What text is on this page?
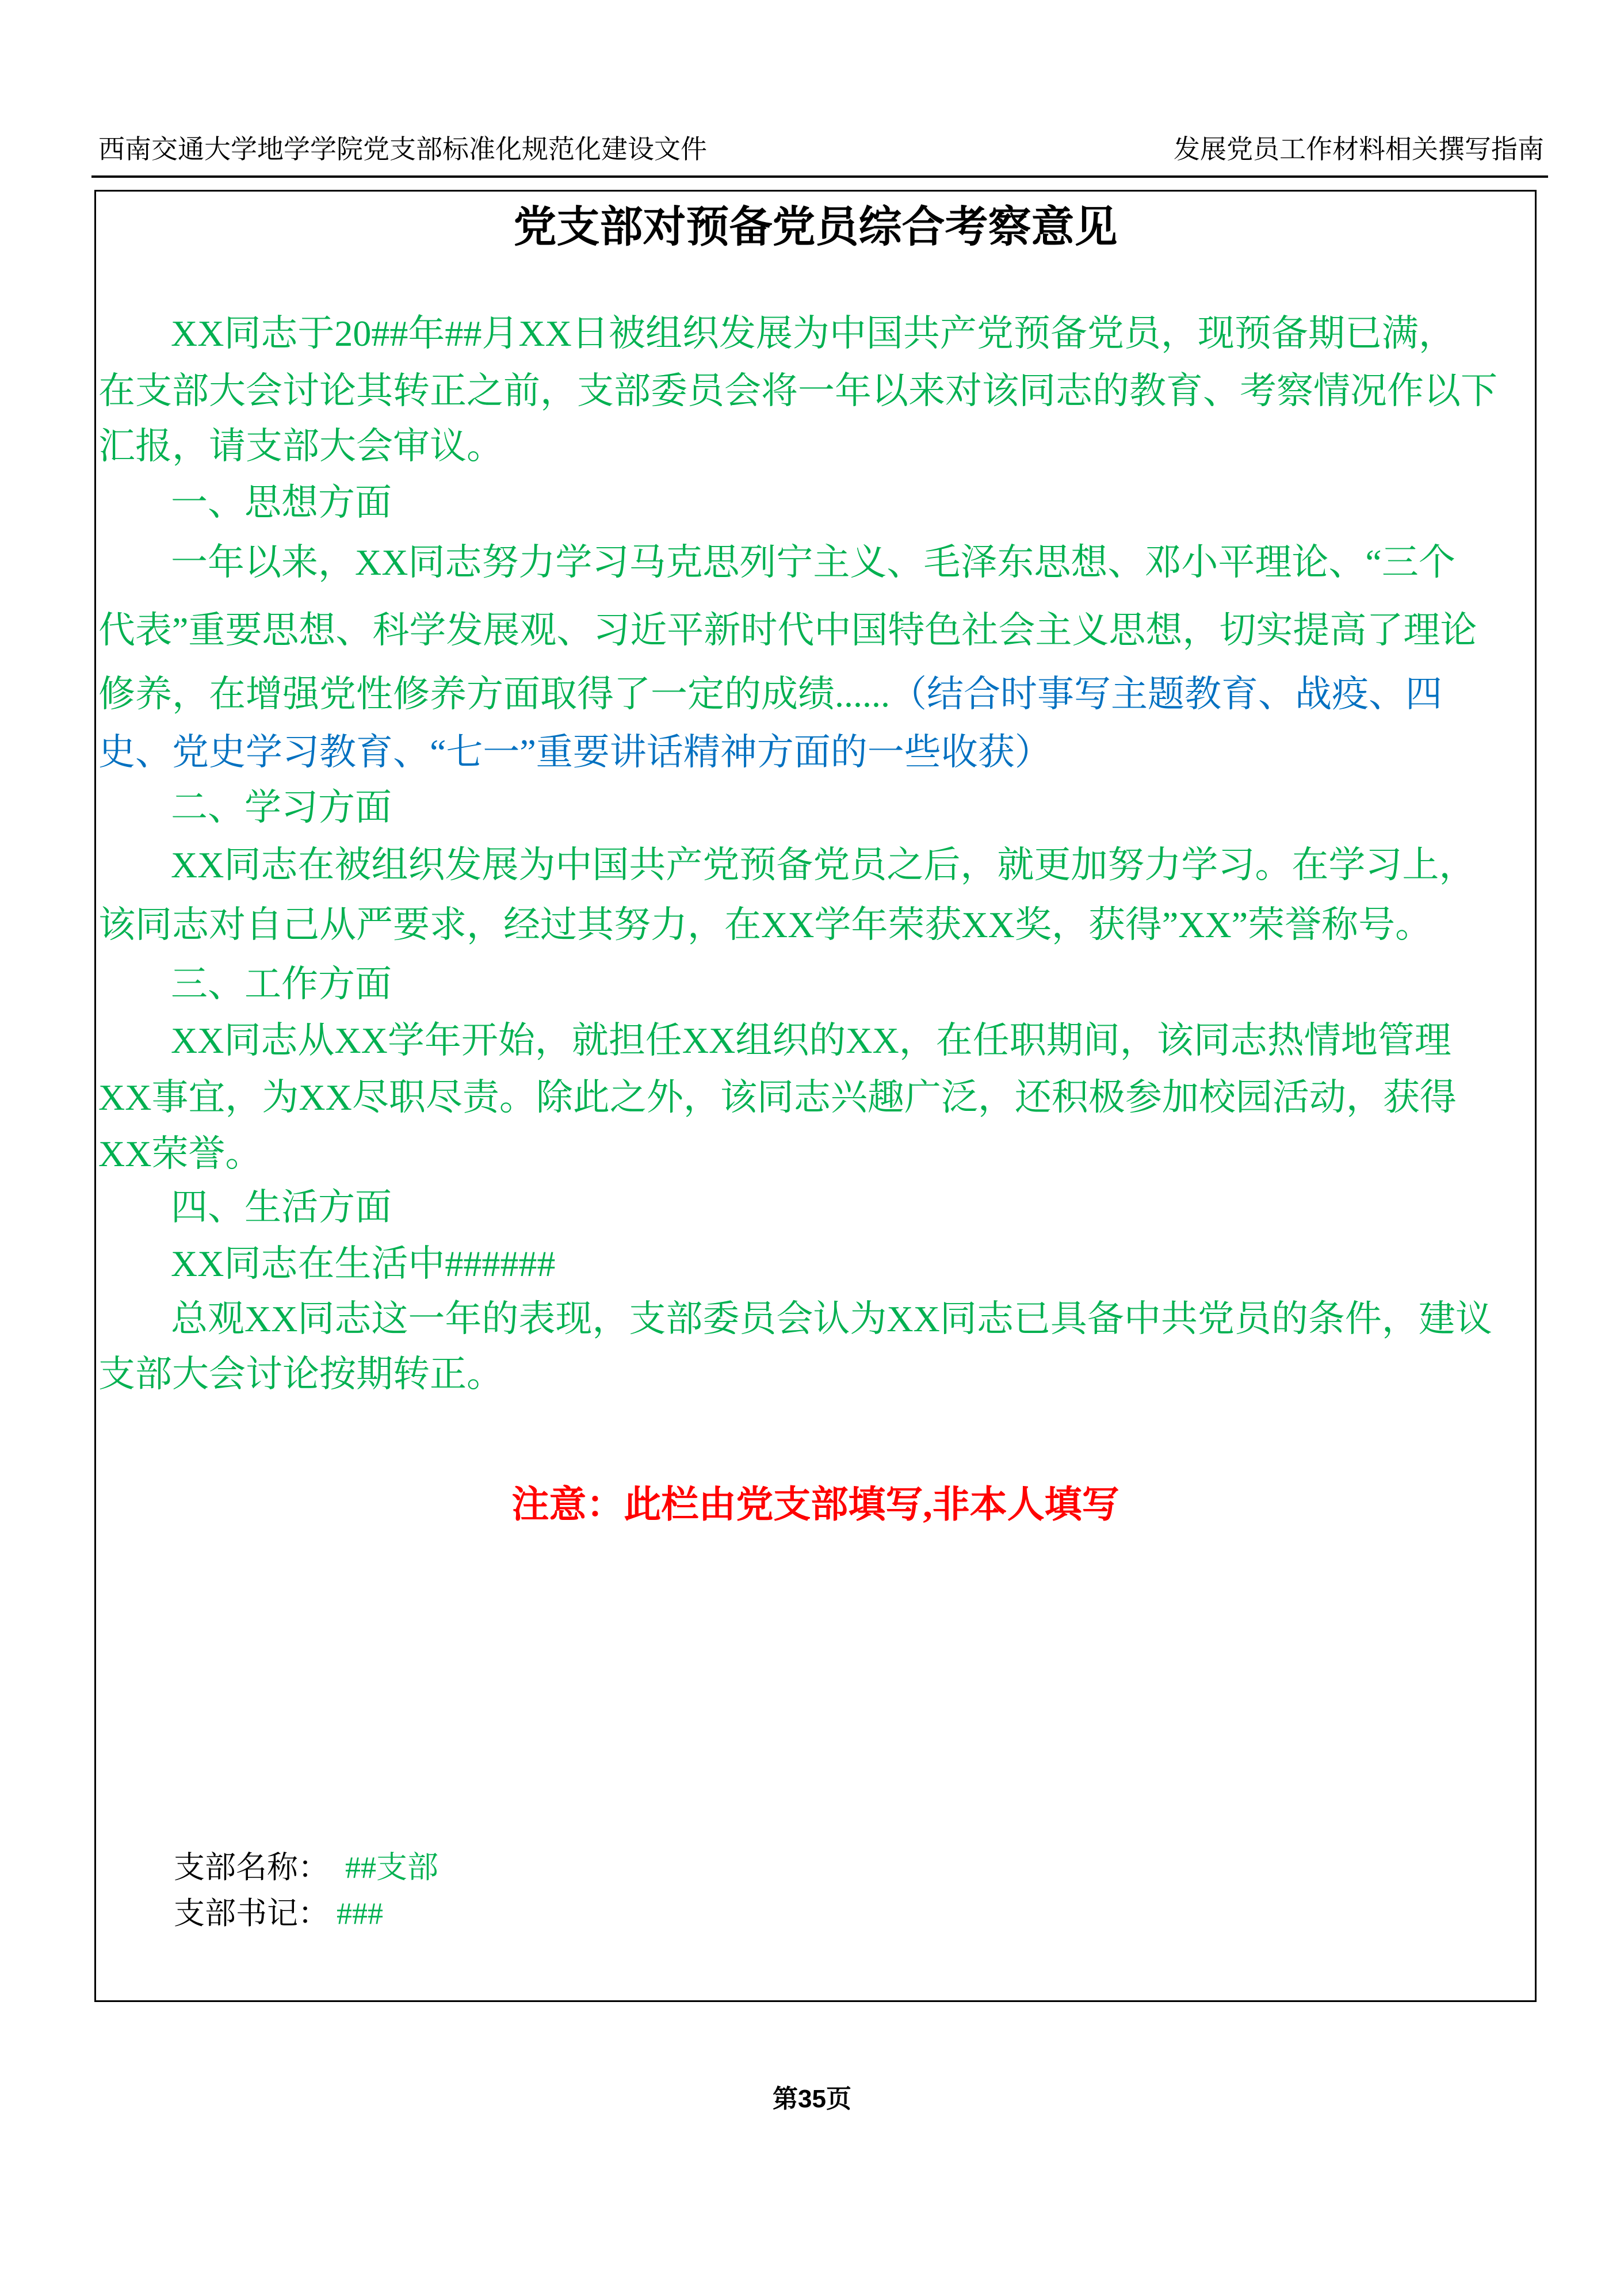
西南交通大学地学学院党支部标准化规范化建设文件	发展党员工作材料相关撰写指南
党支部对预备党员综合考察意见
XX同志于20##年##月XX日被组织发展为中国共产党预备党员，现预备期已满，
在支部大会讨论其转正之前，支部委员会将一年以来对该同志的教育、考察情况作以下
汇报，请支部大会审议。
一、思想方面
一年以来，XX同志努力学习马克思列宁主义、毛泽东思想、邓小平理论、“三个
代表”重要思想、科学发展观、习近平新时代中国特色社会主义思想，切实提高了理论
修养，在增强党性修养方面取得了一定的成绩......（结合时事写主题教育、战疫、四
史、党史学习教育、“七一”重要讲话精神方面的一些收获）
二、学习方面
XX同志在被组织发展为中国共产党预备党员之后，就更加努力学习。在学习上，
该同志对自己从严要求，经过其努力，在XX学年荣获XX奖，获得”XX”荣誉称号。
三、工作方面
XX同志从XX学年开始，就担任XX组织的XX，在任职期间，该同志热情地管理
XX事宜，为XX尽职尽责。除此之外，该同志兴趣广泛，还积极参加校园活动，获得
XX荣誉。
四、生活方面
XX同志在生活中######
总观XX同志这一年的表现，支部委员会认为XX同志已具备中共党员的条件，建议
支部大会讨论按期转正。
注意：此栏由党支部填写,非本人填写
支部名称： ##支部
支部书记： ###
第35页
